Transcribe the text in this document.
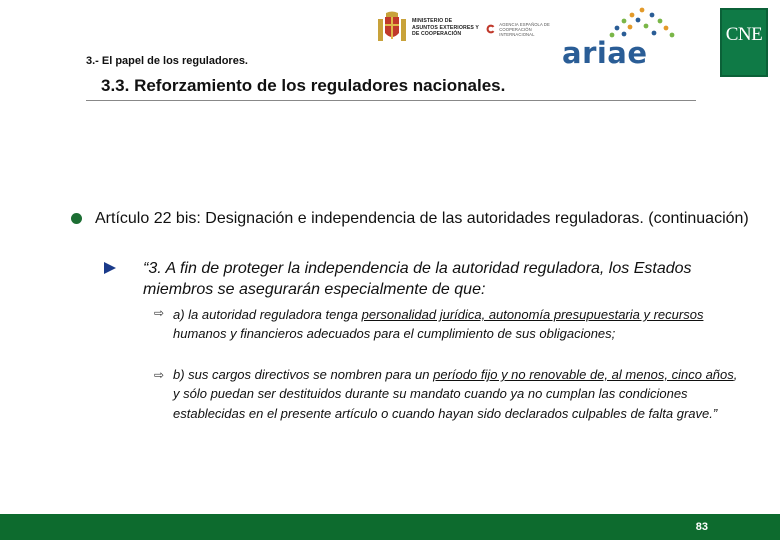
MINISTERIO DE ASUNTOS EXTERIORES Y DE COOPERACIÓN
AGENCIA ESPAÑOLA DE COOPERACIÓN INTERNACIONAL
ariae
CNE
3.- El papel de los reguladores.
3.3. Reforzamiento de los reguladores nacionales.
Artículo 22 bis: Designación e independencia de las autoridades reguladoras. (continuación)
“3. A fin de proteger la independencia de la autoridad reguladora, los Estados miembros se asegurarán especialmente de que:
⇨ a) la autoridad reguladora tenga personalidad jurídica, autonomía presupuestaria y recursos humanos y financieros adecuados para el cumplimiento de sus obligaciones;
⇨ b) sus cargos directivos se nombren para un período fijo y no renovable de, al menos, cinco años, y sólo puedan ser destituidos durante su mandato cuando ya no cumplan las condiciones establecidas en el presente artículo o cuando hayan sido declarados culpables de falta grave.”
83
